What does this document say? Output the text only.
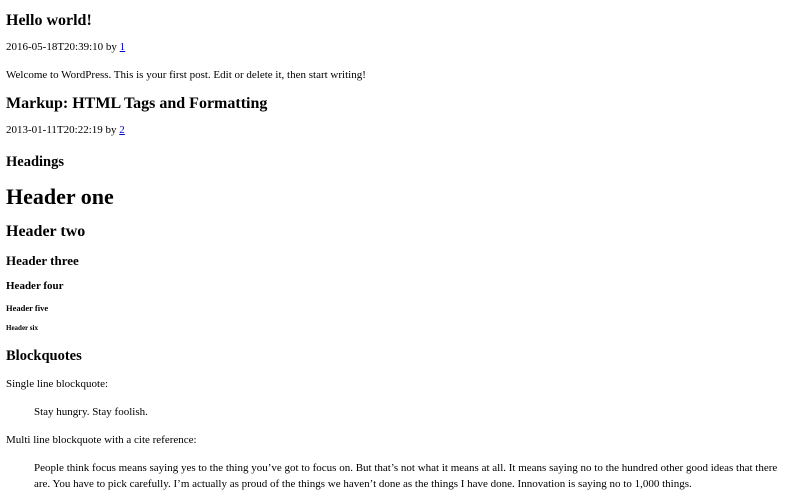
Hello world!

2016-05-18T20:39:10 by 1

Welcome to WordPress. This is your first post. Edit or delete it, then start writing!

Markup: HTML Tags and Formatting

2013-01-11T20:22:19 by 2

Headings
Header one
Header two
Header three
Header four
Header five
Header six
Blockquotes

Single line blockquote:

Stay hungry. Stay foolish.

Multi line blockquote with a cite reference:

People think focus means saying yes to the thing you’ve got to focus on. But that’s not what it means at all. It means saying no to the hundred other good ideas that there are. You have to pick carefully. I’m actually as proud of the things we haven’t done as the things I have done. Innovation is saying no to 1,000 things.
